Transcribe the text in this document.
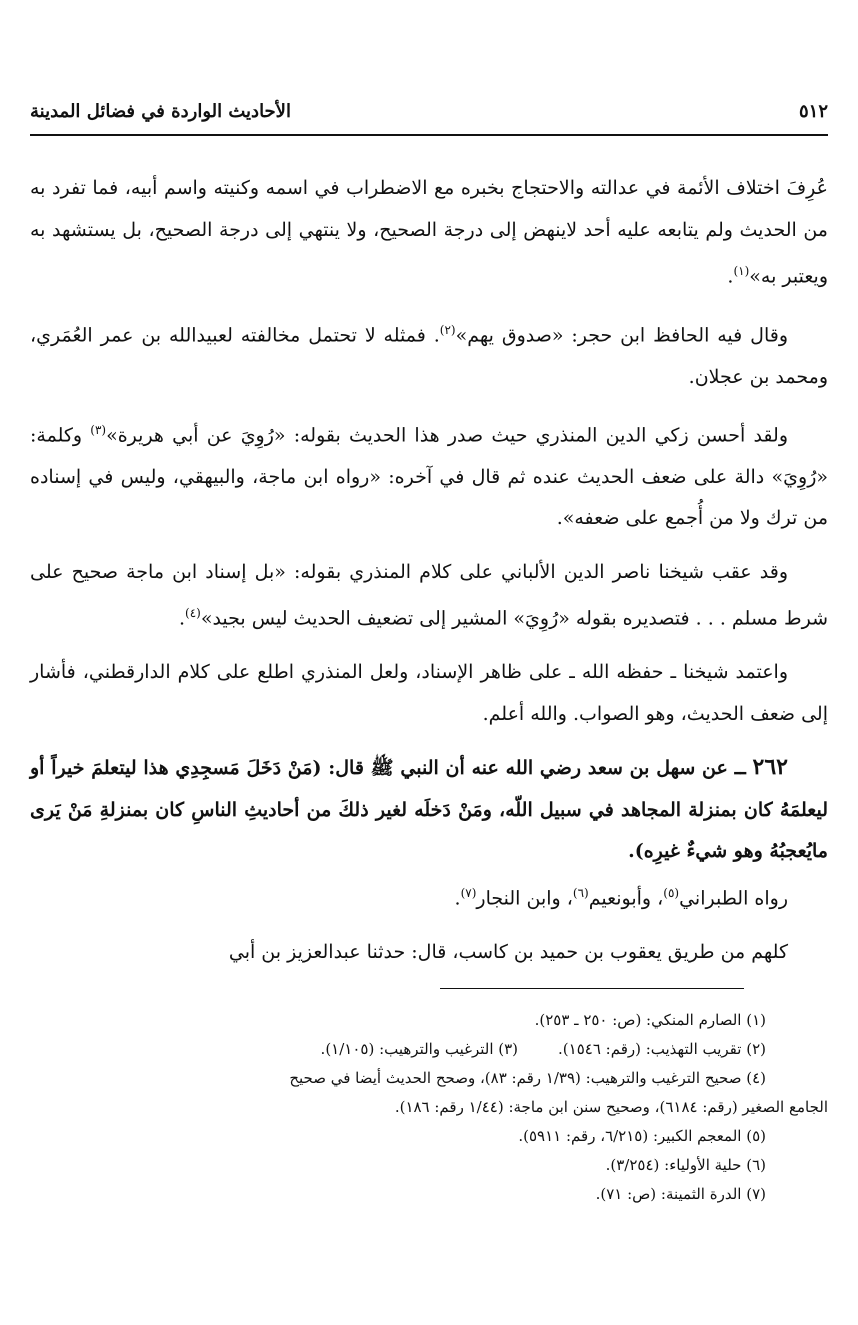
٥١٢
الأحاديث الواردة في فضائل المدينة

عُرِفَ اختلاف الأئمة في عدالته والاحتجاج بخبره مع الاضطراب في اسمه وكنيته واسم أبيه، فما تفرد به من الحديث ولم يتابعه عليه أحد لاينهض إلى درجة الصحيح، ولا ينتهي إلى درجة الصحيح، بل يستشهد به ويعتبر به»$^{(١)}$.

وقال فيه الحافظ ابن حجر: «صدوق يهم»$^{(٢)}$. فمثله لا تحتمل مخالفته لعبيدالله بن عمر العُمَري، ومحمد بن عجلان.

ولقد أحسن زكي الدين المنذري حيث صدر هذا الحديث بقوله: «رُوِيَ عن أبي هريرة»$^{(٣)}$ وكلمة: «رُوِيَ» دالة على ضعف الحديث عنده ثم قال في آخره: «رواه ابن ماجة، والبيهقي، وليس في إسناده من ترك ولا من أُجمع على ضعفه».

وقد عقب شيخنا ناصر الدين الألباني على كلام المنذري بقوله: «بل إسناد ابن ماجة صحيح على شرط مسلم . . . فتصديره بقوله «رُوِيَ» المشير إلى تضعيف الحديث ليس بجيد»$^{(٤)}$.

واعتمد شيخنا ـ حفظه الله ـ على ظاهر الإسناد، ولعل المنذري اطلع على كلام الدارقطني، فأشار إلى ضعف الحديث، وهو الصواب. والله أعلم.

٢٦٢ ــ عن سهل بن سعد رضي الله عنه أن النبي ﷺ قال: (مَنْ دَخَلَ مَسجِدِي هذا ليتعلمَ خيراً أو ليعلمَهُ كان بمنزلة المجاهد في سبيل اللّه، ومَنْ دَخلَه لغير ذلكَ من أحاديثِ الناسِ كان بمنزلةِ مَنْ يَرى مايُعجبُهُ وهو شيءٌ غيرِه).

رواه الطبراني$^{(٥)}$، وأبونعيم$^{(٦)}$، وابن النجار$^{(٧)}$.

كلهم من طريق يعقوب بن حميد بن كاسب، قال: حدثنا عبدالعزيز بن أبي

(١) الصارم المنكي: (ص: ٢٥٠ ـ ٢٥٣).

(٢) تقريب التهذيب: (رقم: ١٥٤٦).
(٣) الترغيب والترهيب: (١/١٠٥).

(٤) صحيح الترغيب والترهيب: (١/٣٩ رقم: ٨٣)، وصحح الحديث أيضا في صحيح

الجامع الصغير (رقم: ٦١٨٤)، وصحيح سنن ابن ماجة: (١/٤٤ رقم: ١٨٦).

(٥) المعجم الكبير: (٦/٢١٥، رقم: ٥٩١١).

(٦) حلية الأولياء: (٣/٢٥٤).

(٧) الدرة الثمينة: (ص: ٧١).
